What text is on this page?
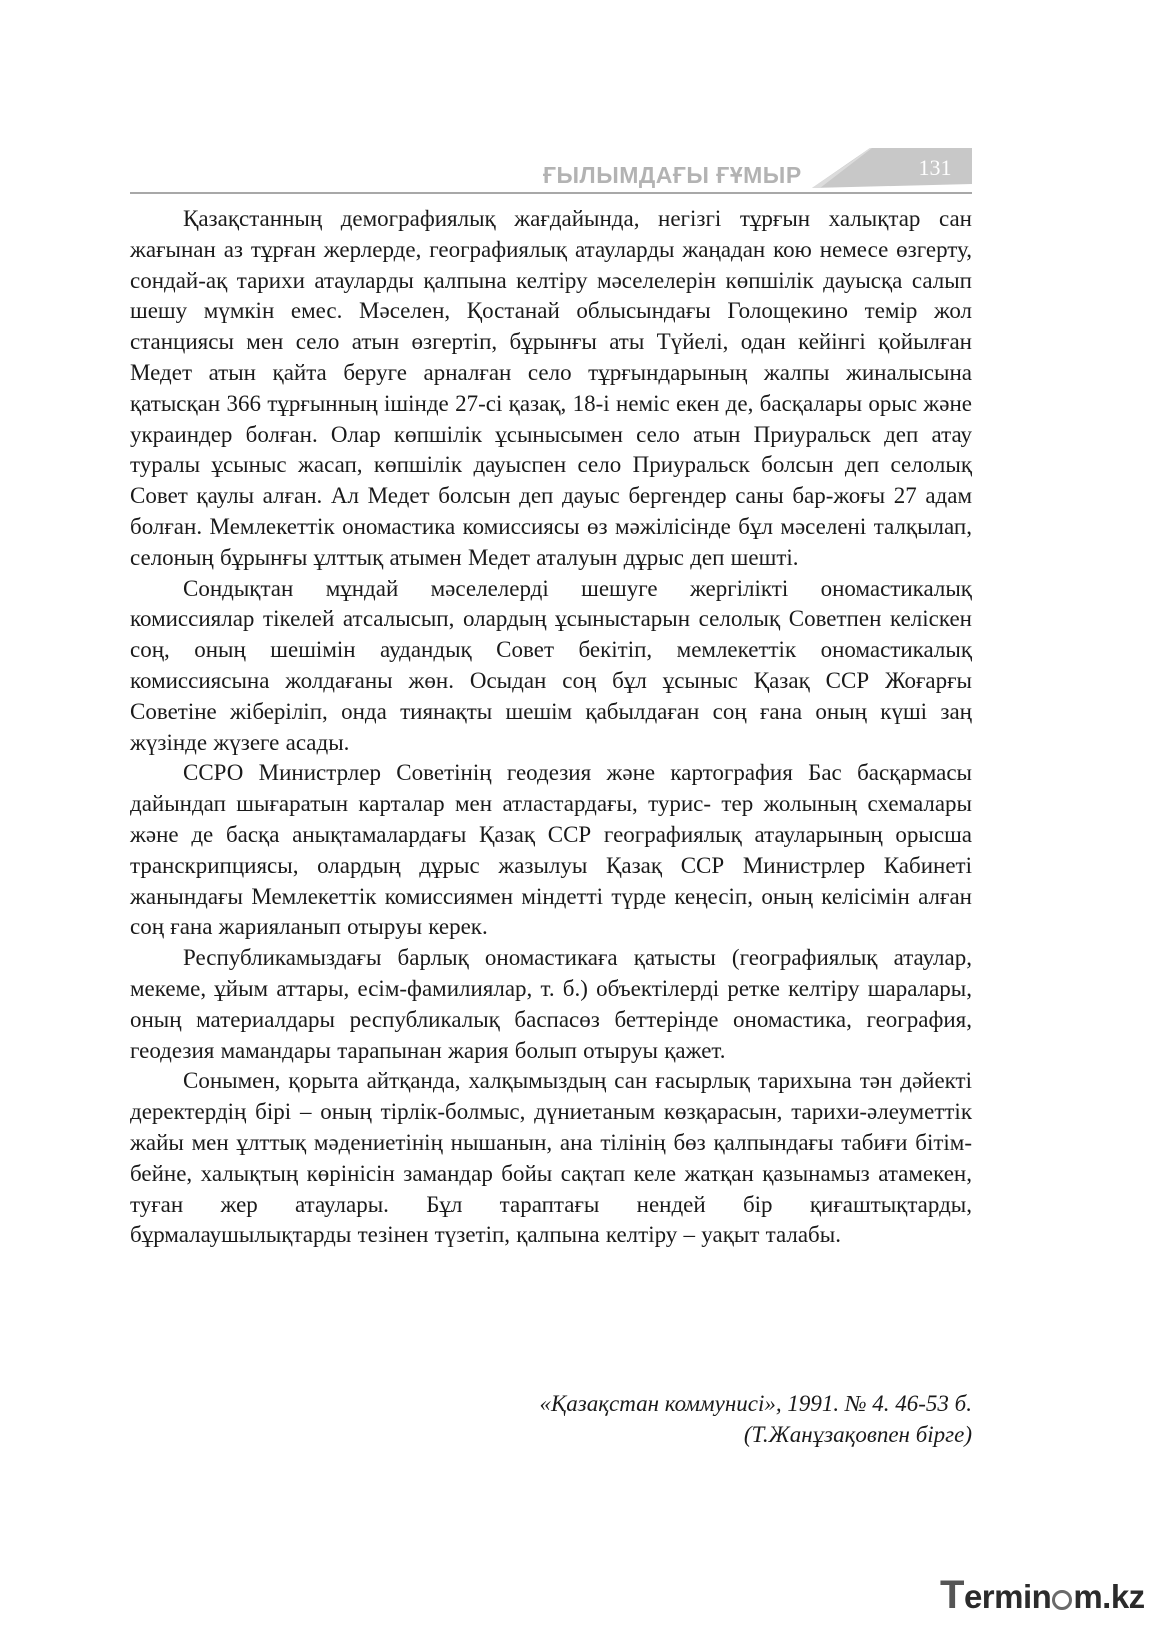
ҒЫЛЫМДАҒЫ ҒҰМЫР	131

Қазақстанның демографиялық жағдайында, негізгі тұрғын халықтар сан жағынан аз тұрған жерлерде, географиялық атауларды жаңадан кою немесе өзгерту, сондай-ақ тарихи атауларды қалпына келтіру мәселелерін көпшілік дауысқа салып шешу мүмкін емес. Мәселен, Қостанай облысындағы Голощекино темір жол станциясы мен село атын өзгертіп, бұрынғы аты Түйелі, одан кейінгі қойылған Медет атын қайта беруге арналған село тұрғындарының жалпы жиналысына қатысқан 366 тұрғынның ішінде 27-сі қазақ, 18-і неміс екен де, басқалары орыс және украиндер болған. Олар көпшілік ұсынысымен село атын Приуральск деп атау туралы ұсыныс жасап, көпшілік дауыспен село Приуральск болсын деп селолық Совет қаулы алған. Ал Медет болсын деп дауыс бергендер саны бар-жоғы 27 адам болған. Мемлекеттік ономастика комиссиясы өз мәжілісінде бұл мәселені талқылап, селоның бұрынғы ұлттық атымен Медет аталуын дұрыс деп шешті.

Сондықтан мұндай мәселелерді шешуге жергілікті ономастикалық комиссиялар тікелей атсалысып, олардың ұсыныстарын селолық Советпен келіскен соң, оның шешімін аудандық Совет бекітіп, мемлекеттік ономастикалық комиссиясына жолдағаны жөн. Осыдан соң бұл ұсыныс Қазақ ССР Жоғарғы Советіне жіберіліп, онда тиянақты шешім қабылдаған соң ғана оның күші заң жүзінде жүзеге асады.

ССРО Министрлер Советінің геодезия және картография Бас басқармасы дайындап шығаратын карталар мен атластардағы, турис- тер жолының схемалары және де басқа анықтамалардағы Қазақ ССР географиялық атауларының орысша транскрипциясы, олардың дұрыс жазылуы Қазақ ССР Министрлер Кабинеті жанындағы Мемлекеттік комиссиямен міндетті түрде кеңесіп, оның келісімін алған соң ғана жарияланып отыруы керек.

Республикамыздағы барлық ономастикаға қатысты (географиялық атаулар, мекеме, ұйым аттары, есім-фамилиялар, т. б.) объектілерді ретке келтіру шаралары, оның материалдары республикалық баспасөз беттерінде ономастика, география, геодезия мамандары тарапынан жария болып отыруы қажет.

Сонымен, қорыта айтқанда, халқымыздың сан ғасырлық тарихына тән дәйекті деректердің бірі – оның тірлік-болмыс, дүниетаным көзқарасын, тарихи-әлеуметтік жайы мен ұлттық мәдениетінің нышанын, ана тілінің бөз қалпындағы табиғи бітім-бейне, халықтың көрінісін замандар бойы сақтап келе жатқан қазынамыз атамекен, туған жер атаулары. Бұл тараптағы нендей бір қиғаштықтарды, бұрмалаушылықтарды тезінен түзетіп, қалпына келтіру – уақыт талабы.

«Қазақстан коммунисі», 1991. № 4. 46-53 б.
(Т.Жанұзақовпен бірге)
Termin m.kz
